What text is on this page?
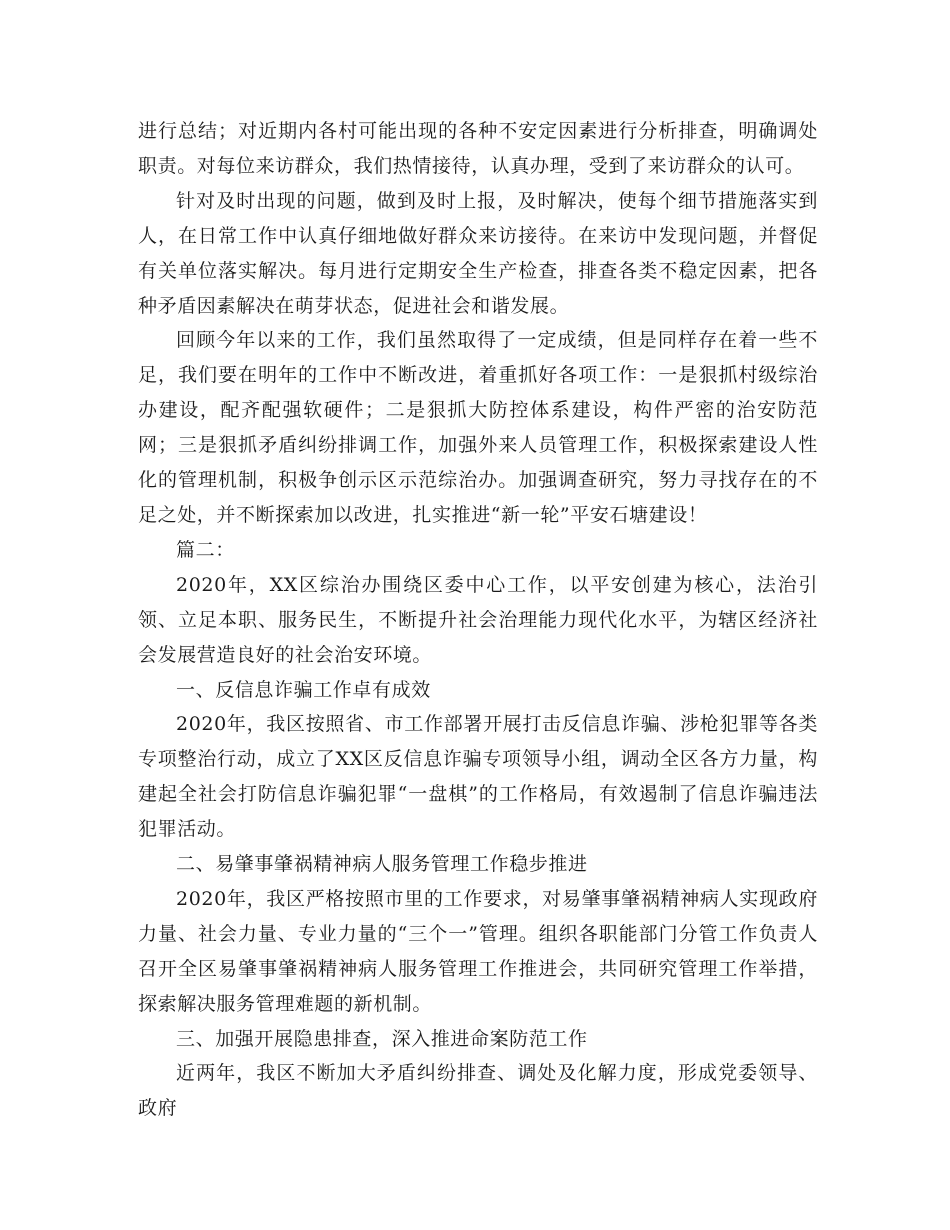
进行总结；对近期内各村可能出现的各种不安定因素进行分析排查，明确调处职责。对每位来访群众，我们热情接待，认真办理，受到了来访群众的认可。

针对及时出现的问题，做到及时上报，及时解决，使每个细节措施落实到人，在日常工作中认真仔细地做好群众来访接待。在来访中发现问题，并督促有关单位落实解决。每月进行定期安全生产检查，排查各类不稳定因素，把各种矛盾因素解决在萌芽状态，促进社会和谐发展。

回顾今年以来的工作，我们虽然取得了一定成绩，但是同样存在着一些不足，我们要在明年的工作中不断改进，着重抓好各项工作：一是狠抓村级综治办建设，配齐配强软硬件；二是狠抓大防控体系建设，构件严密的治安防范网；三是狠抓矛盾纠纷排调工作，加强外来人员管理工作，积极探索建设人性化的管理机制，积极争创示区示范综治办。加强调查研究，努力寻找存在的不足之处，并不断探索加以改进，扎实推进“新一轮”平安石塘建设！

篇二：

2020年，XX区综治办围绕区委中心工作，以平安创建为核心，法治引领、立足本职、服务民生，不断提升社会治理能力现代化水平，为辖区经济社会发展营造良好的社会治安环境。

一、反信息诈骗工作卓有成效

2020年，我区按照省、市工作部署开展打击反信息诈骗、涉枪犯罪等各类专项整治行动，成立了XX区反信息诈骗专项领导小组，调动全区各方力量，构建起全社会打防信息诈骗犯罪“一盘棋”的工作格局，有效遏制了信息诈骗违法犯罪活动。

二、易肇事肇祸精神病人服务管理工作稳步推进

2020年，我区严格按照市里的工作要求，对易肇事肇祸精神病人实现政府力量、社会力量、专业力量的“三个一”管理。组织各职能部门分管工作负责人召开全区易肇事肇祸精神病人服务管理工作推进会，共同研究管理工作举措，探索解决服务管理难题的新机制。

三、加强开展隐患排查，深入推进命案防范工作

近两年，我区不断加大矛盾纠纷排查、调处及化解力度，形成党委领导、政府
